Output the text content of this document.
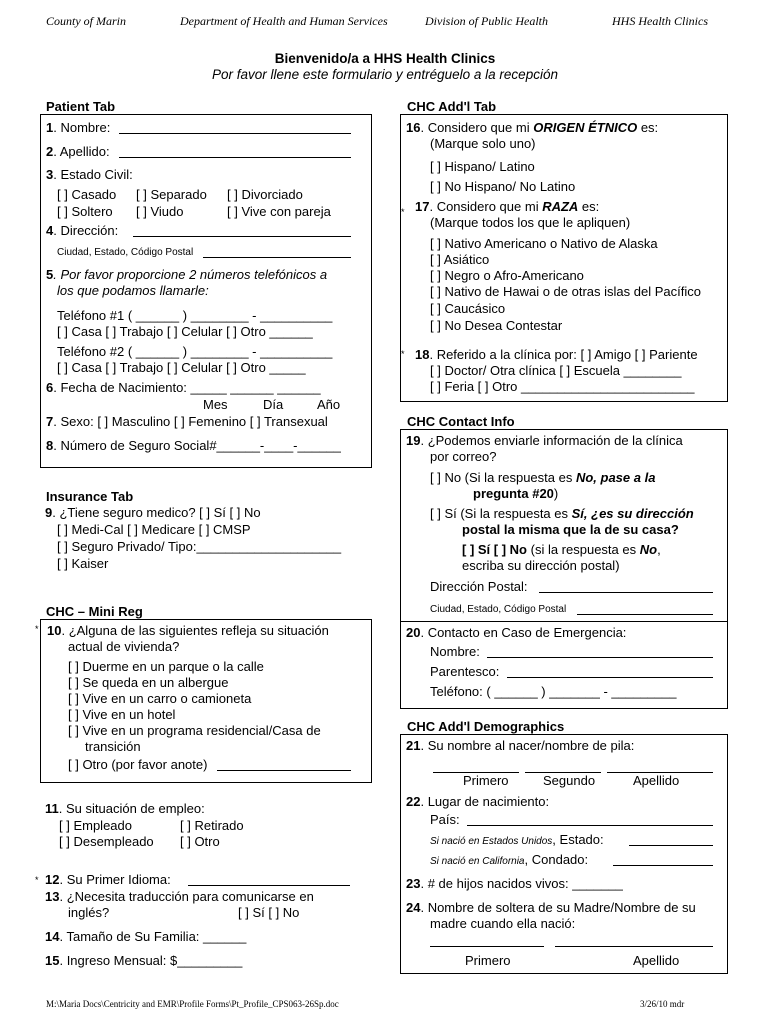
County of Marin	Department of Health and Human Services	Division of Public Health	HHS Health Clinics
Bienvenido/a a HHS Health Clinics
Por favor llene este formulario y entréguelo a la recepción
Patient Tab
1. Nombre:
2. Apellido:
3. Estado Civil:
[ ] Casado [ ] Separado [ ] Divorciado
[ ] Soltero [ ] Viudo	[ ] Vive con pareja
4. Dirección:
Ciudad, Estado, Código Postal
5. Por favor proporcione 2 números telefónicos a
los que podamos llamarle:
Teléfono #1 ( ______ ) ________ - __________
[ ] Casa [ ] Trabajo [ ] Celular [ ] Otro ______
Teléfono #2 ( ______ ) ________ - __________
[ ] Casa [ ] Trabajo [ ] Celular [ ] Otro _____
6. Fecha de Nacimiento: _____ ______ ______
Mes	Día	Año
7. Sexo: [ ] Masculino [ ] Femenino [ ] Transexual
8. Número de Seguro Social#______-____-______
Insurance Tab
9. ¿Tiene seguro medico? [ ] Sí [ ] No
[ ] Medi-Cal [ ] Medicare [ ] CMSP
[ ] Seguro Privado/ Tipo:____________________
[ ] Kaiser
CHC – Mini Reg
10. ¿Alguna de las siguientes refleja su situación
actual de vivienda?
[ ] Duerme en un parque o la calle
[ ] Se queda en un albergue
[ ] Vive en un carro o camioneta
[ ] Vive en un hotel
[ ] Vive en un programa residencial/Casa de
transición
[ ] Otro (por favor anote)
*
11. Su situación de empleo:
[ ] Empleado	[ ] Retirado
[ ] Desempleado [ ] Otro
* 12. Su Primer Idioma:
13. ¿Necesita traducción para comunicarse en
inglés?	[ ] Sí [ ] No
14. Tamaño de Su Familia: ______
15. Ingreso Mensual: $_________
CHC Add'l Tab
16. Considero que mi ORIGEN ÉTNICO es:
(Marque solo uno)
[ ] Hispano/ Latino
[ ] No Hispano/ No Latino
17. Considero que mi RAZA es:
(Marque todos los que le apliquen)
[ ] Nativo Americano o Nativo de Alaska
[ ] Asiático
[ ] Negro o Afro-Americano
[ ] Nativo de Hawai o de otras islas del Pacífico
[ ] Caucásico
[ ] No Desea Contestar
18. Referido a la clínica por: [ ] Amigo [ ] Pariente
[ ] Doctor/ Otra clínica [ ] Escuela ________
[ ] Feria [ ] Otro ________________________
*
*
CHC Contact Info
19. ¿Podemos enviarle información de la clínica
por correo?
[ ] No (Si la respuesta es No, pase a la
pregunta #20)
[ ] Sí (Si la respuesta es Sí, ¿es su dirección
postal la misma que la de su casa?
[ ] Sí [ ] No (si la respuesta es No,
escriba su dirección postal)
Dirección Postal:
Ciudad, Estado, Código Postal
20. Contacto en Caso de Emergencia:
Nombre:
Parentesco:
Teléfono: ( ______ ) _______ - _________
CHC Add'l Demographics
21. Su nombre al nacer/nombre de pila:
Primero	Segundo	Apellido
22. Lugar de nacimiento:
País:
Si nació en Estados Unidos, Estado:
Si nació en California, Condado:
23. # de hijos nacidos vivos: _______
24. Nombre de soltera de su Madre/Nombre de su
madre cuando ella nació:
Primero	Apellido
M:\Maria Docs\Centricity and EMR\Profile Forms\Pt_Profile_CPS063-26Sp.doc	3/26/10 mdr
